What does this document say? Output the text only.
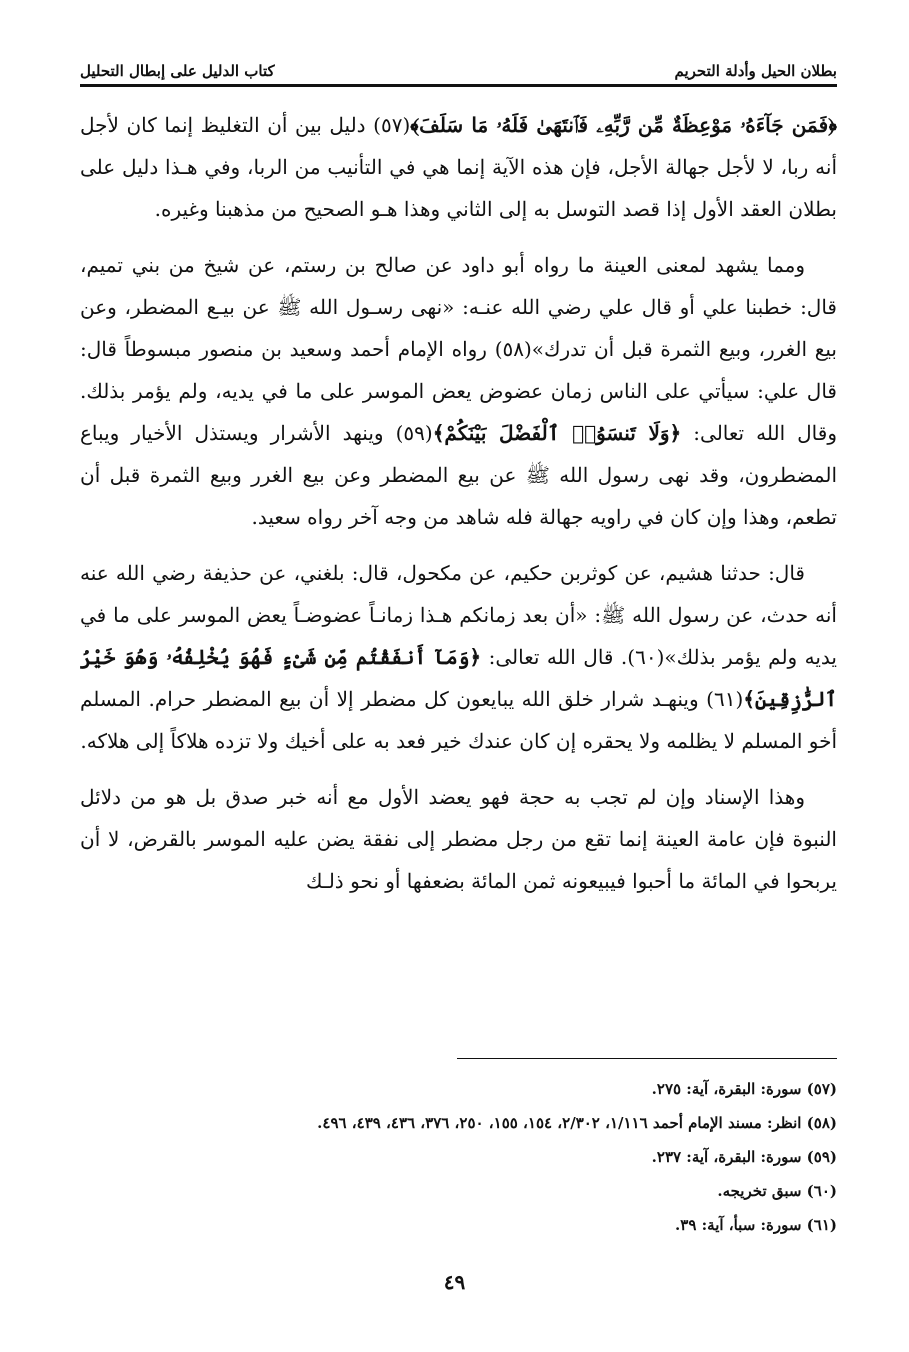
بطلان الحيل وأدلة التحريم
كتاب الدليل على إبطال التحليل

﴿فَمَن جَآءَهُۥ مَوْعِظَةٌ مِّن رَّبِّهِۦ فَٱنتَهَىٰ فَلَهُۥ مَا سَلَفَ﴾(٥٧) دليل بين أن التغليظ إنما كان لأجل أنه ربا، لا لأجل جهالة الأجل، فإن هذه الآية إنما هي في التأنيب من الربا، وفي هـذا دليل على بطلان العقد الأول إذا قصد التوسل به إلى الثاني وهذا هـو الصحيح من مذهبنا وغيره.

ومما يشهد لمعنى العينة ما رواه أبو داود عن صالح بن رستم، عن شيخ من بني تميم، قال: خطبنا علي أو قال علي رضي الله عنـه: «نهى رسـول الله ﷺ عن بيـع المضطر، وعن بيع الغرر، وبيع الثمرة قبل أن تدرك»(٥٨) رواه الإمام أحمد وسعيد بن منصور مبسوطاً قال: قال علي: سيأتي على الناس زمان عضوض يعض الموسر على ما في يديه، ولم يؤمر بذلك. وقال الله تعالى: ﴿وَلَا تَنسَوُا۟ ٱلْفَضْلَ بَيْنَكُمْ﴾(٥٩) وينهد الأشرار ويستذل الأخيار ويباع المضطرون، وقد نهى رسول الله ﷺ عن بيع المضطر وعن بيع الغرر وبيع الثمرة قبل أن تطعم، وهذا وإن كان في راويه جهالة فله شاهد من وجه آخر رواه سعيد.

قال: حدثنا هشيم، عن كوثربن حكيم، عن مكحول، قال: بلغني، عن حذيفة رضي الله عنه أنه حدث، عن رسول الله ﷺ: «أن بعد زمانكم هـذا زمانـاً عضوضـاً يعض الموسر على ما في يديه ولم يؤمر بذلك»(٦٠). قال الله تعالى: ﴿وَمَآ أَنفَقْتُم مِّن شَىْءٍ فَهُوَ يُخْلِفُهُۥ وَهُوَ خَيْرُ ٱلرَّٰزِقِينَ﴾(٦١) وينهـد شرار خلق الله يبايعون كل مضطر إلا أن بيع المضطر حرام. المسلم أخو المسلم لا يظلمه ولا يحقره إن كان عندك خير فعد به على أخيك ولا تزده هلاكاً إلى هلاكه.

وهذا الإسناد وإن لم تجب به حجة فهو يعضد الأول مع أنه خبر صدق بل هو من دلائل النبوة فإن عامة العينة إنما تقع من رجل مضطر إلى نفقة يضن عليه الموسر بالقرض، لا أن يربحوا في المائة ما أحبوا فيبيعونه ثمن المائة بضعفها أو نحو ذلـك

(٥٧) سورة: البقرة، آية: ٢٧٥.

(٥٨) انظر: مسند الإمام أحمد ١/١١٦، ٢/٣٠٢، ١٥٤، ١٥٥، ٢٥٠، ٣٧٦، ٤٣٦، ٤٣٩، ٤٩٦.

(٥٩) سورة: البقرة، آية: ٢٣٧.

(٦٠) سبق تخريجه.

(٦١) سورة: سبأ، آية: ٣٩.

٤٩
